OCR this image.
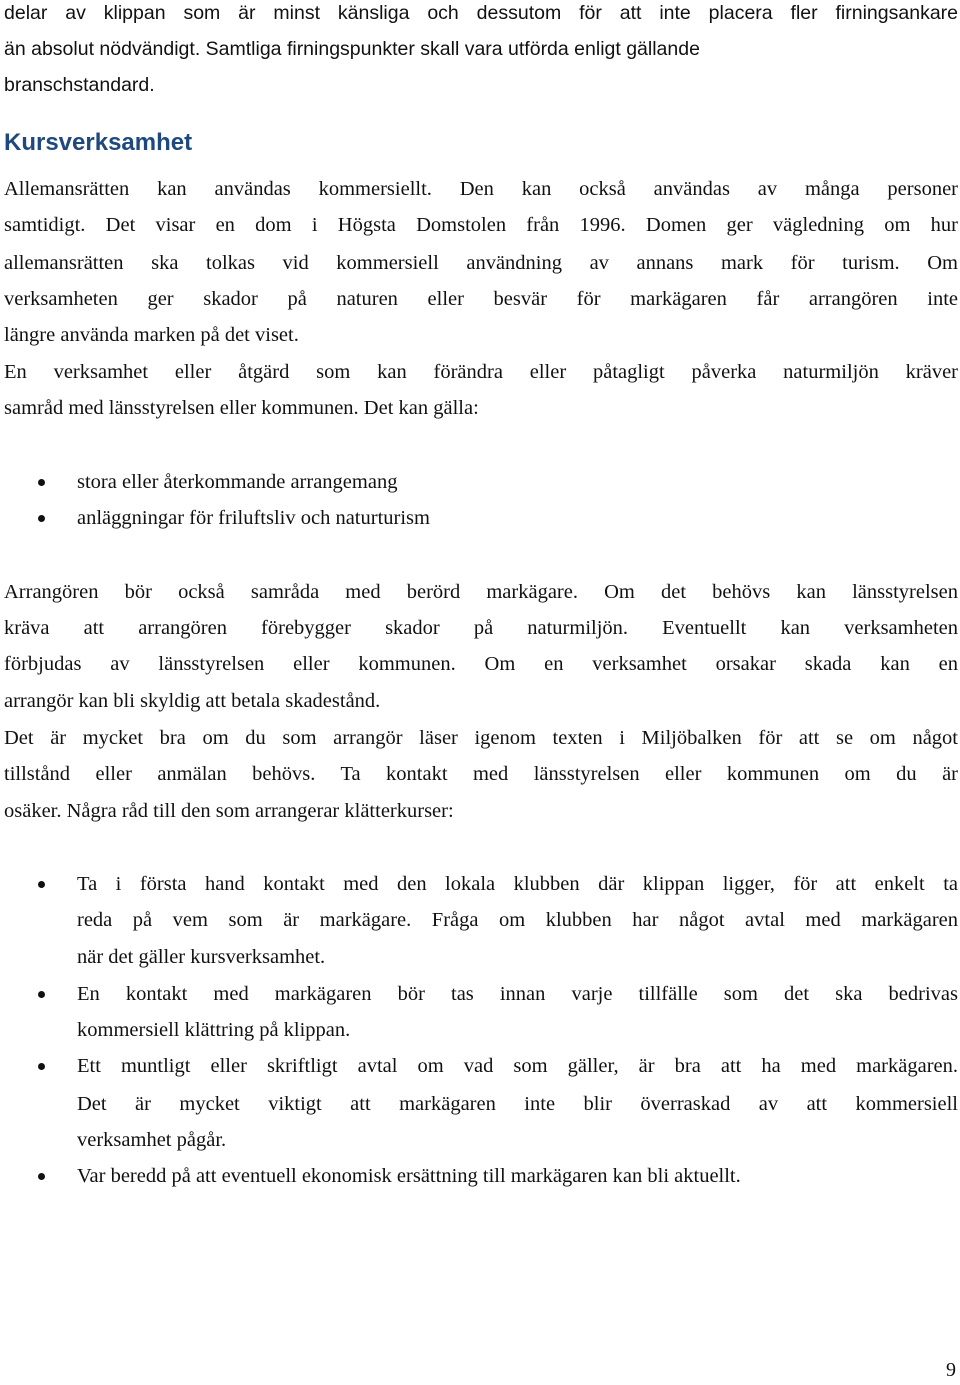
delar av klippan som är minst känsliga och dessutom för att inte placera fler firningsankare
än absolut nödvändigt. Samtliga firningspunkter skall vara utförda enligt gällande
branschstandard.
Kursverksamhet
Allemansrätten kan användas kommersiellt. Den kan också användas av många personer
samtidigt. Det visar en dom i Högsta Domstolen från 1996. Domen ger vägledning om hur
allemansrätten ska tolkas vid kommersiell användning av annans mark för turism. Om
verksamheten ger skador på naturen eller besvär för markägaren får arrangören inte
längre använda marken på det viset.
En verksamhet eller åtgärd som kan förändra eller påtagligt påverka naturmiljön kräver
samråd med länsstyrelsen eller kommunen. Det kan gälla:
stora eller återkommande arrangemang
anläggningar för friluftsliv och naturturism
Arrangören bör också samråda med berörd markägare. Om det behövs kan länsstyrelsen
kräva att arrangören förebygger skador på naturmiljön. Eventuellt kan verksamheten
förbjudas av länsstyrelsen eller kommunen. Om en verksamhet orsakar skada kan en
arrangör kan bli skyldig att betala skadestånd.
Det är mycket bra om du som arrangör läser igenom texten i Miljöbalken för att se om något
tillstånd eller anmälan behövs. Ta kontakt med länsstyrelsen eller kommunen om du är
osäker. Några råd till den som arrangerar klätterkurser:
Ta i första hand kontakt med den lokala klubben där klippan ligger, för att enkelt ta
reda på vem som är markägare. Fråga om klubben har något avtal med markägaren
när det gäller kursverksamhet.
En kontakt med markägaren bör tas innan varje tillfälle som det ska bedrivas
kommersiell klättring på klippan.
Ett muntligt eller skriftligt avtal om vad som gäller, är bra att ha med markägaren.
Det är mycket viktigt att markägaren inte blir överraskad av att kommersiell
verksamhet pågår.
Var beredd på att eventuell ekonomisk ersättning till markägaren kan bli aktuellt.
9
